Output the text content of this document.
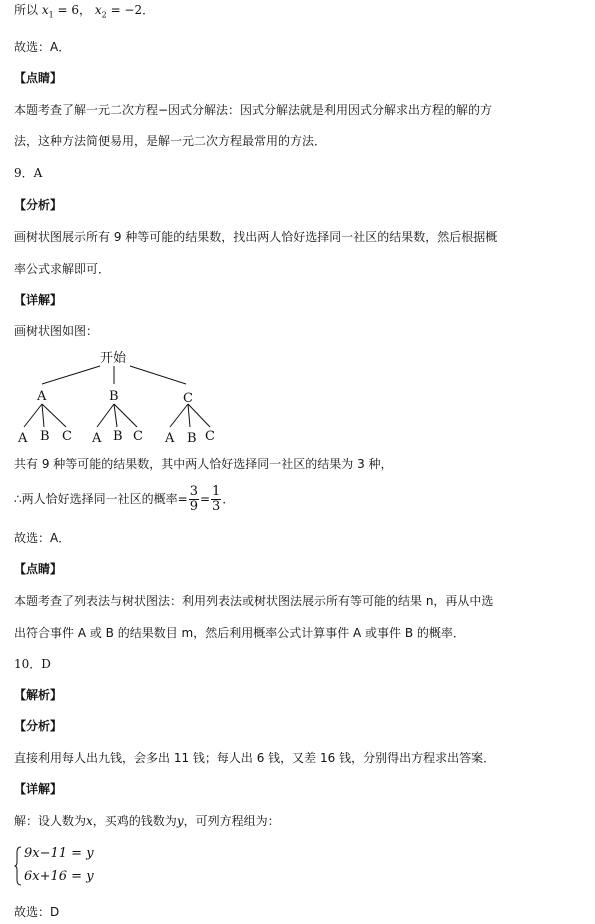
所以 $x_1 = 6$， $x_2 = -2$．
故选：A．
【点睛】
本题考查了解一元二次方程−因式分解法：因式分解法就是利用因式分解求出方程的解的方
法，这种方法简便易用，是解一元二次方程最常用的方法．
9．A
【分析】
画树状图展示所有 9 种等可能的结果数，找出两人恰好选择同一社区的结果数，然后根据概
率公式求解即可．
【详解】
画树状图如图：
开始
A	B	C
A B C A B C A B C
共有 9 种等可能的结果数，其中两人恰好选择同一社区的结果为 3 种，
∴两人恰好选择同一社区的概率= $\frac{3}{9} = \frac{1}{3}$ ．
故选：A．
【点睛】
本题考查了列表法与树状图法：利用列表法或树状图法展示所有等可能的结果 n，再从中选
出符合事件 A 或 B 的结果数目 m，然后利用概率公式计算事件 A 或事件 B 的概率．
10．D
【解析】
【分析】
直接利用每人出九钱，会多出 11 钱；每人出 6 钱，又差 16 钱，分别得出方程求出答案．
【详解】
解：设人数为x，买鸡的钱数为y，可列方程组为：
9x−11 = y
6x+16 = y
故选：D
